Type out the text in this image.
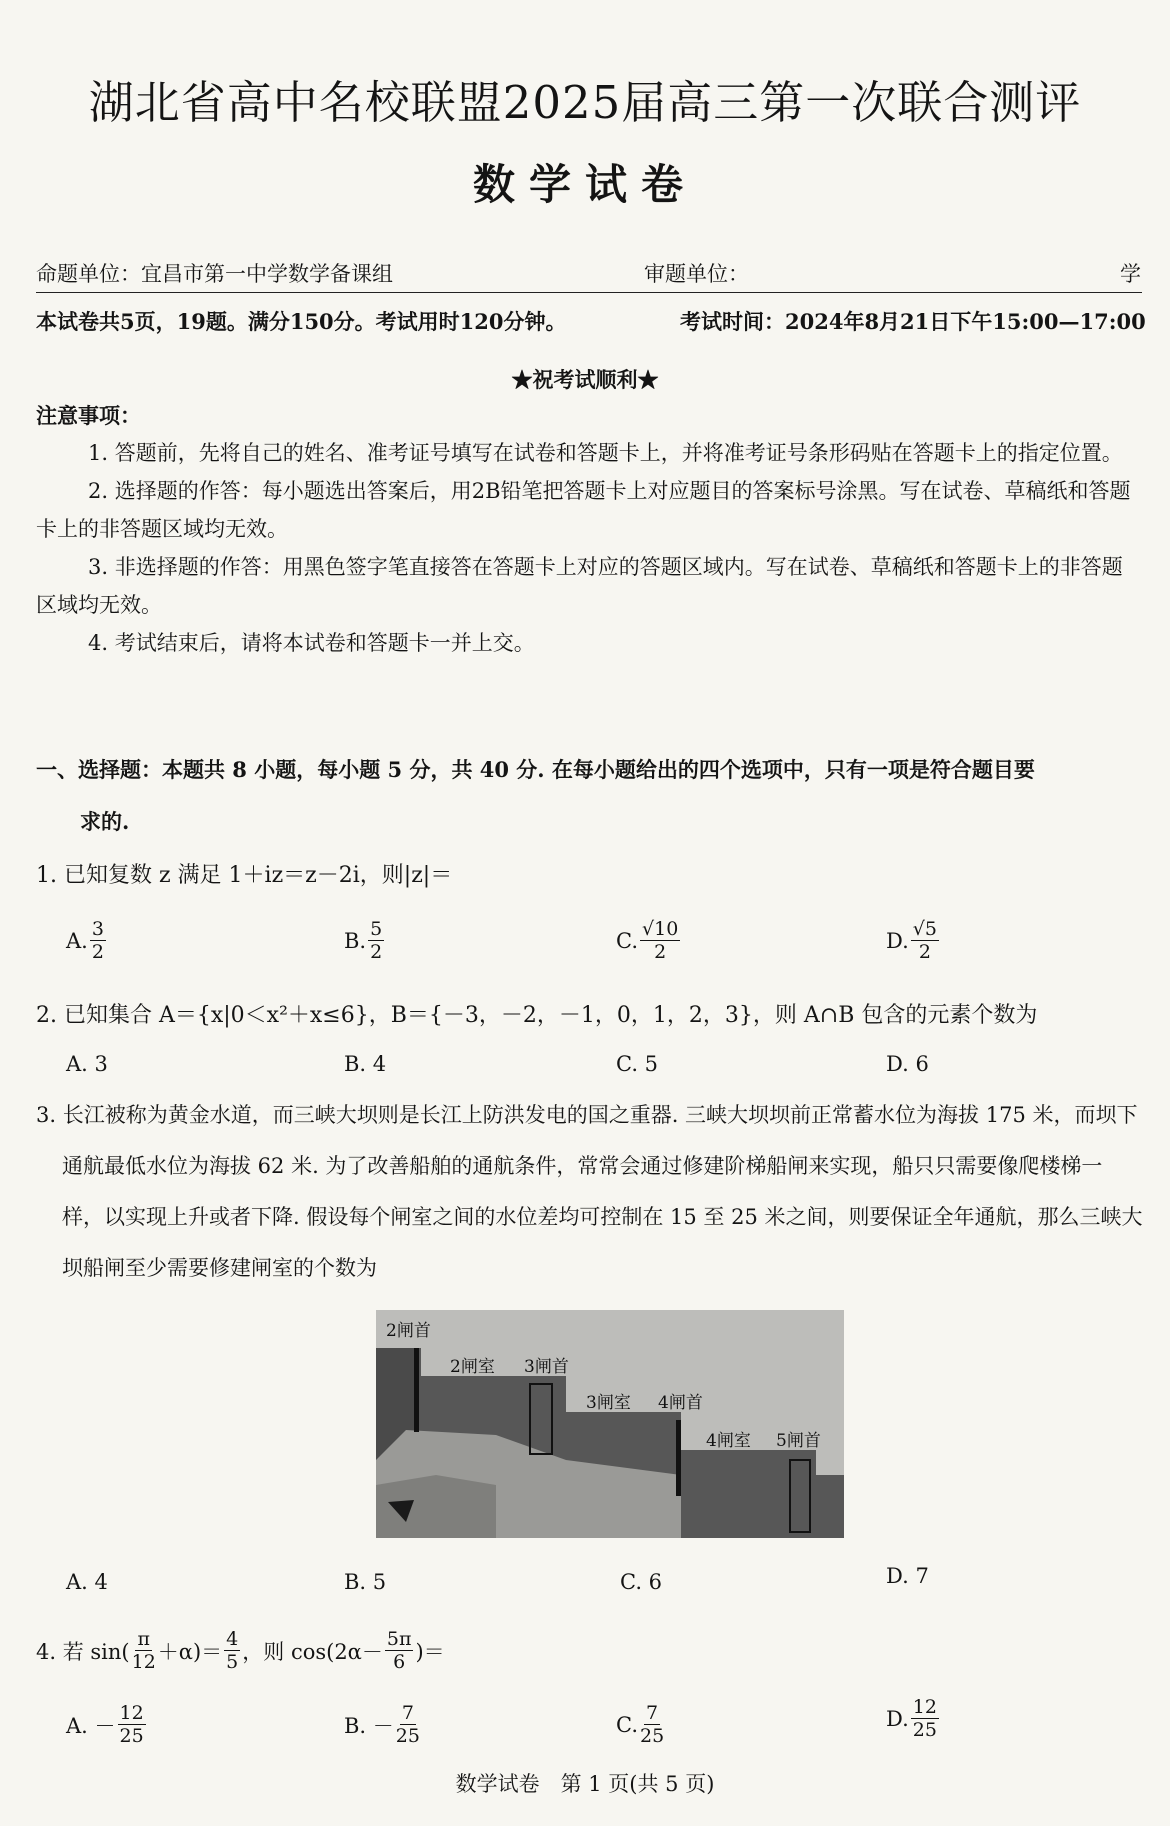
湖北省高中名校联盟2025届高三第一次联合测评
数学试卷
命题单位：宜昌市第一中学数学备课组	审题单位：	学
本试卷共5页，19题。满分150分。考试用时120分钟。	考试时间：2024年8月21日下午15:00—17:00
★祝考试顺利★
注意事项：
1. 答题前，先将自己的姓名、准考证号填写在试卷和答题卡上，并将准考证号条形码贴在答题卡上的指定位置。
2. 选择题的作答：每小题选出答案后，用2B铅笔把答题卡上对应题目的答案标号涂黑。写在试卷、草稿纸和答题卡上的非答题区域均无效。
3. 非选择题的作答：用黑色签字笔直接答在答题卡上对应的答题区域内。写在试卷、草稿纸和答题卡上的非答题区域均无效。
4. 考试结束后，请将本试卷和答题卡一并上交。
一、选择题：本题共 8 小题，每小题 5 分，共 40 分. 在每小题给出的四个选项中，只有一项是符合题目要
求的.
1. 已知复数 z 满足 1＋iz＝z－2i，则|z|＝
A. $\frac{3}{2}$	B. $\frac{5}{2}$	C. $\frac{√10}{2}$	D. $\frac{√5}{2}$
2. 已知集合 A＝{x|0＜x²＋x≤6}，B＝{－3，－2，－1，0，1，2，3}，则 A∩B 包含的元素个数为
A. 3	B. 4	C. 5	D. 6
3. 长江被称为黄金水道，而三峡大坝则是长江上防洪发电的国之重器. 三峡大坝坝前正常蓄水位为海拔 175 米，而坝下通航最低水位为海拔 62 米. 为了改善船舶的通航条件，常常会通过修建阶梯船闸来实现，船只只需要像爬楼梯一样，以实现上升或者下降. 假设每个闸室之间的水位差均可控制在 15 至 25 米之间，则要保证全年通航，那么三峡大坝船闸至少需要修建闸室的个数为
2闸首
2闸室 3闸首
3闸室 4闸首
4闸室 5闸首
A. 4	B. 5	C. 6	D. 7
4. 若 $\sin( \frac{\pi}{12} +\alpha)= \frac{4}{5}$ ，则 $\cos(2\alpha- \frac{5\pi}{6}$ )＝
A. － $\frac{12}{25}$	B. － $\frac{7}{25}$	C. $\frac{7}{25}$	D. $\frac{12}{25}$
数学试卷　第 1 页(共 5 页)
